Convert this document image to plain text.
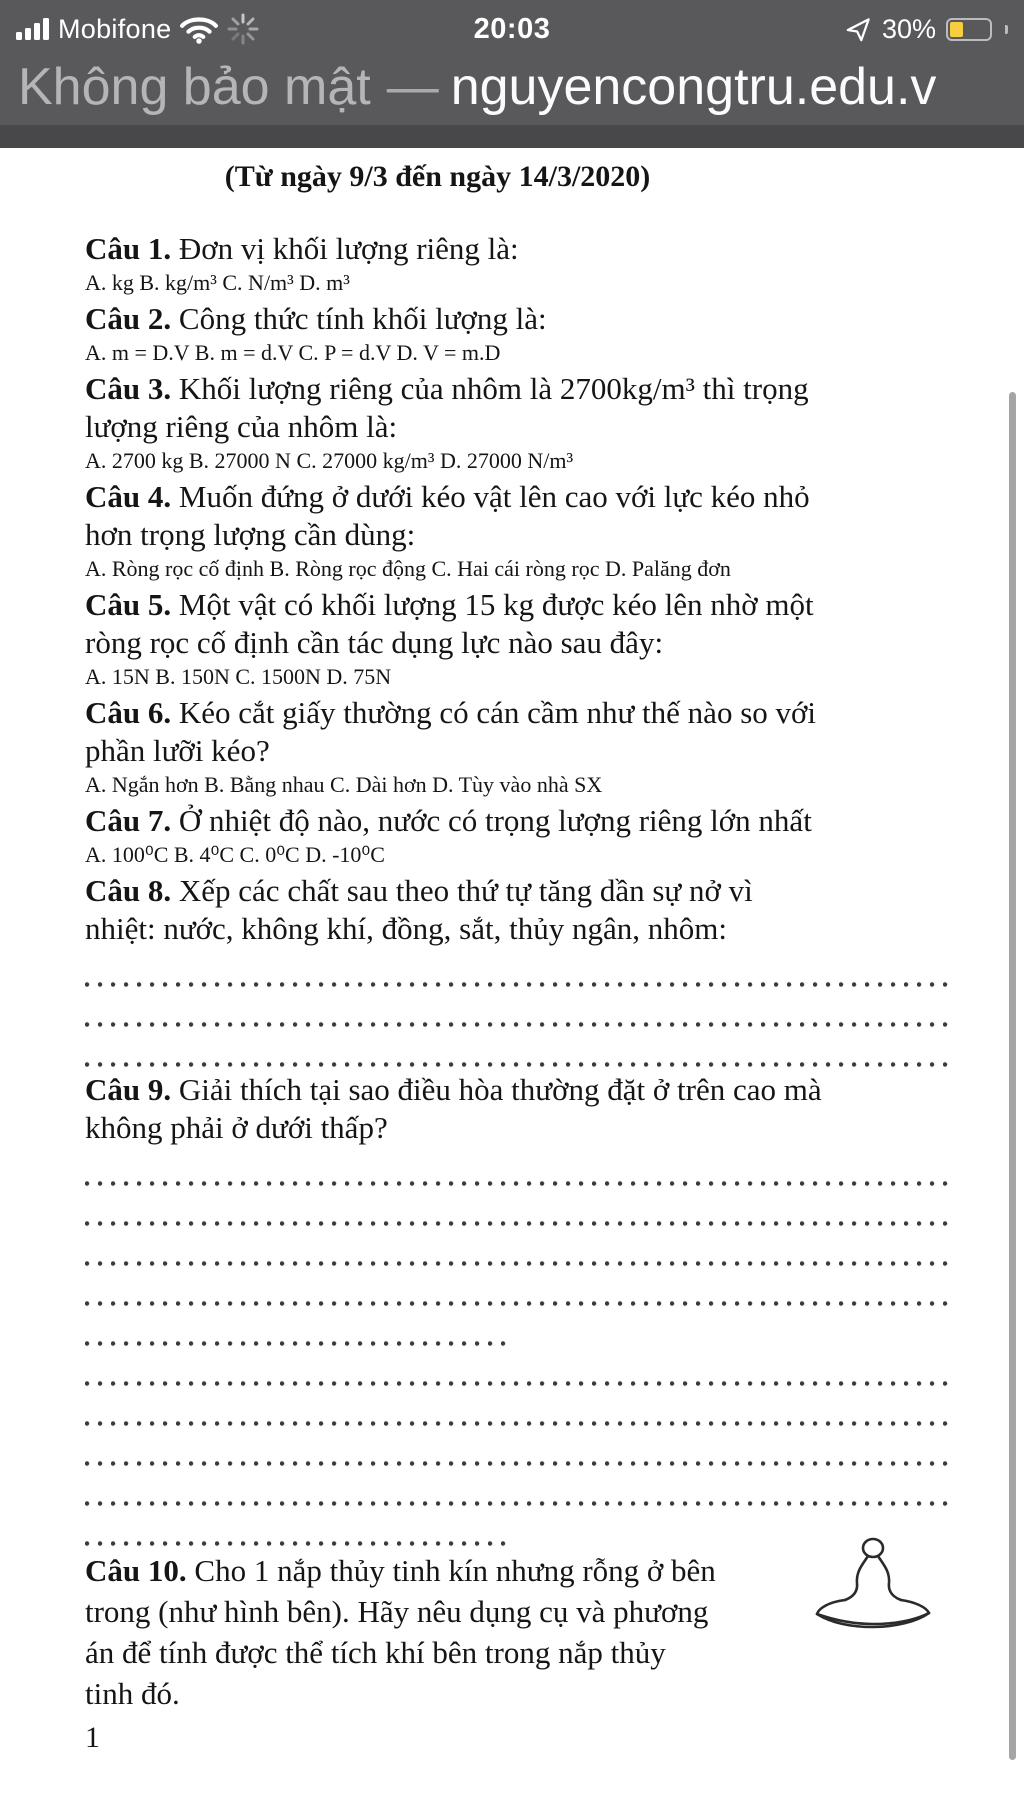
Mobifone	20:03	30%
Không bảo mật — nguyencongtru.edu.v
(Từ ngày 9/3 đến ngày 14/3/2020)
Câu 1. Đơn vị khối lượng riêng là:
A. kg B. kg/m³ C. N/m³ D. m³
Câu 2. Công thức tính khối lượng là:
A. m = D.V B. m = d.V C. P = d.V D. V = m.D
Câu 3. Khối lượng riêng của nhôm là 2700kg/m³ thì trọng
lượng riêng của nhôm là:
A. 2700 kg B. 27000 N C. 27000 kg/m³ D. 27000 N/m³
Câu 4. Muốn đứng ở dưới kéo vật lên cao với lực kéo nhỏ
hơn trọng lượng cần dùng:
A. Ròng rọc cố định B. Ròng rọc động C. Hai cái ròng rọc D. Palăng đơn
Câu 5. Một vật có khối lượng 15 kg được kéo lên nhờ một
ròng rọc cố định cần tác dụng lực nào sau đây:
A. 15N B. 150N C. 1500N D. 75N
Câu 6. Kéo cắt giấy thường có cán cầm như thế nào so với
phần lưỡi kéo?
A. Ngắn hơn B. Bằng nhau C. Dài hơn D. Tùy vào nhà SX
Câu 7. Ở nhiệt độ nào, nước có trọng lượng riêng lớn nhất
A. 100⁰C B. 4⁰C C. 0⁰C D. -10⁰C
Câu 8. Xếp các chất sau theo thứ tự tăng dần sự nở vì
nhiệt: nước, không khí, đồng, sắt, thủy ngân, nhôm:
Câu 9. Giải thích tại sao điều hòa thường đặt ở trên cao mà
không phải ở dưới thấp?
Câu 10. Cho 1 nắp thủy tinh kín nhưng rỗng ở bên
trong (như hình bên). Hãy nêu dụng cụ và phương
án để tính được thể tích khí bên trong nắp thủy
tinh đó.
1
